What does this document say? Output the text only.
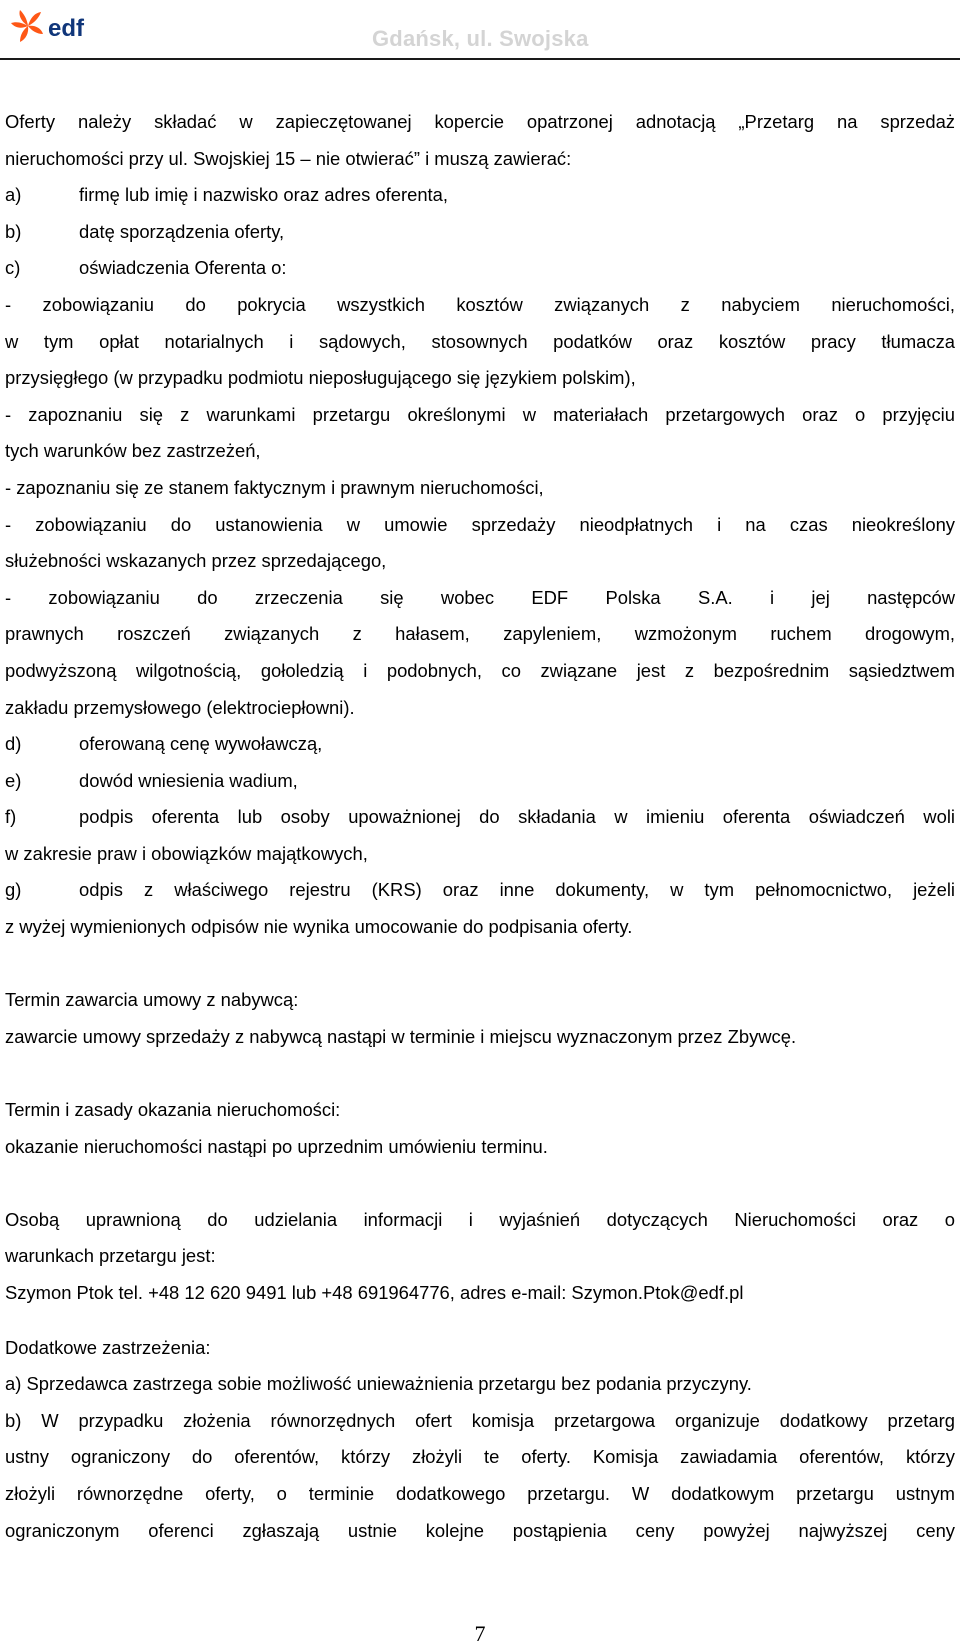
edf	Gdańsk, ul. Swojska

Oferty należy składać w zapieczętowanej kopercie opatrzonej adnotacją „Przetarg na sprzedaż

nieruchomości przy ul. Swojskiej 15 – nie otwierać” i muszą zawierać:

a)	firmę lub imię i nazwisko oraz adres oferenta,
b)	datę sporządzenia oferty,
c)	oświadczenia Oferenta o:

- zobowiązaniu do pokrycia wszystkich kosztów związanych z nabyciem nieruchomości,

w tym opłat notarialnych i sądowych, stosownych podatków oraz kosztów pracy tłumacza

przysięgłego (w przypadku podmiotu nieposługującego się językiem polskim),

- zapoznaniu się z warunkami przetargu określonymi w materiałach przetargowych oraz o przyjęciu

tych warunków bez zastrzeżeń,

- zapoznaniu się ze stanem faktycznym i prawnym nieruchomości,

- zobowiązaniu do ustanowienia w umowie sprzedaży nieodpłatnych i na czas nieokreślony

służebności wskazanych przez sprzedającego,

- zobowiązaniu do zrzeczenia się wobec EDF Polska S.A. i jej następców

prawnych roszczeń związanych z hałasem, zapyleniem, wzmożonym ruchem drogowym,

podwyższoną wilgotnością, gołoledzią i podobnych, co związane jest z bezpośrednim sąsiedztwem

zakładu przemysłowego (elektrociepłowni).

d)	oferowaną cenę wywoławczą,
e)	dowód wniesienia wadium,
f)	podpis oferenta lub osoby upoważnionej do składania w imieniu oferenta oświadczeń woli

w zakresie praw i obowiązków majątkowych,

g)	odpis z właściwego rejestru (KRS) oraz inne dokumenty, w tym pełnomocnictwo, jeżeli

z wyżej wymienionych odpisów nie wynika umocowanie do podpisania oferty.

Termin zawarcia umowy z nabywcą:

zawarcie umowy sprzedaży z nabywcą nastąpi w terminie i miejscu wyznaczonym przez Zbywcę.

Termin i zasady okazania nieruchomości:

okazanie nieruchomości nastąpi po uprzednim umówieniu terminu.

Osobą uprawnioną do udzielania informacji i wyjaśnień dotyczących Nieruchomości oraz o

warunkach przetargu jest:

Szymon Ptok tel. +48 12 620 9491 lub +48 691964776, adres e-mail: Szymon.Ptok@edf.pl

Dodatkowe zastrzeżenia:

a) Sprzedawca zastrzega sobie możliwość unieważnienia przetargu bez podania przyczyny.

b) W przypadku złożenia równorzędnych ofert komisja przetargowa organizuje dodatkowy przetarg

ustny ograniczony do oferentów, którzy złożyli te oferty. Komisja zawiadamia oferentów, którzy

złożyli równorzędne oferty, o terminie dodatkowego przetargu. W dodatkowym przetargu ustnym

ograniczonym oferenci zgłaszają ustnie kolejne postąpienia ceny powyżej najwyższej ceny

7
